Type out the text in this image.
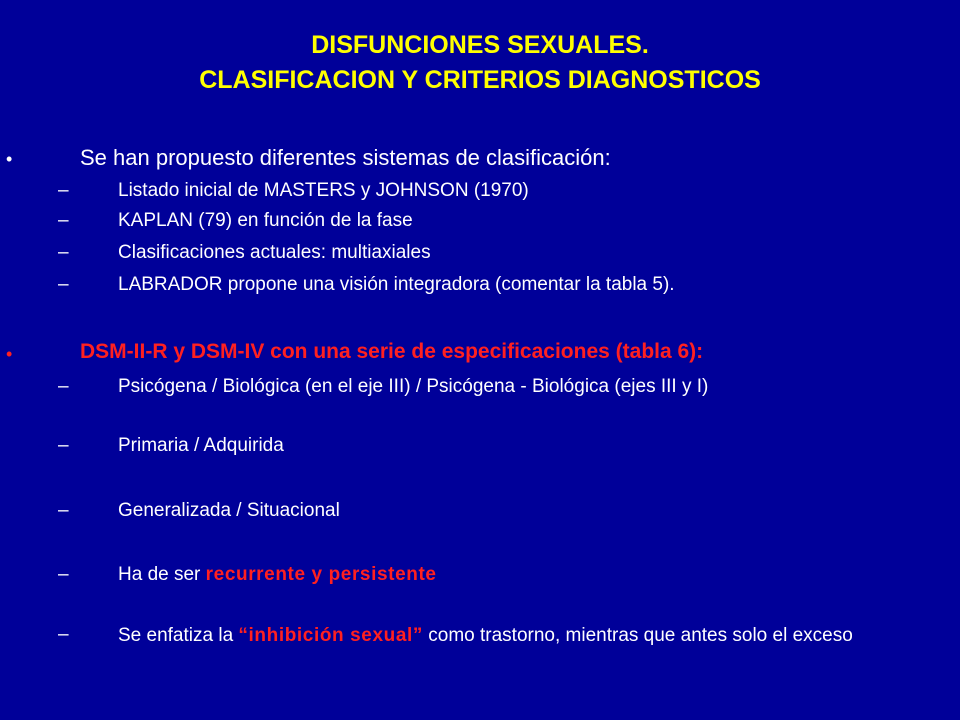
DISFUNCIONES SEXUALES.
CLASIFICACION Y CRITERIOS DIAGNOSTICOS
•	Se han propuesto diferentes sistemas de clasificación:
–	Listado inicial de MASTERS y JOHNSON (1970)
–	KAPLAN (79) en función de la fase
–	Clasificaciones actuales: multiaxiales
–	LABRADOR propone una visión integradora (comentar la tabla 5).
•	DSM-II-R y DSM-IV con una serie de especificaciones (tabla 6):
–	Psicógena / Biológica (en el eje III) / Psicógena - Biológica (ejes III y I)
–	Primaria / Adquirida
–	Generalizada / Situacional
–	Ha de ser recurrente y persistente
–	Se enfatiza la “inhibición sexual” como trastorno, mientras que antes solo el exceso
